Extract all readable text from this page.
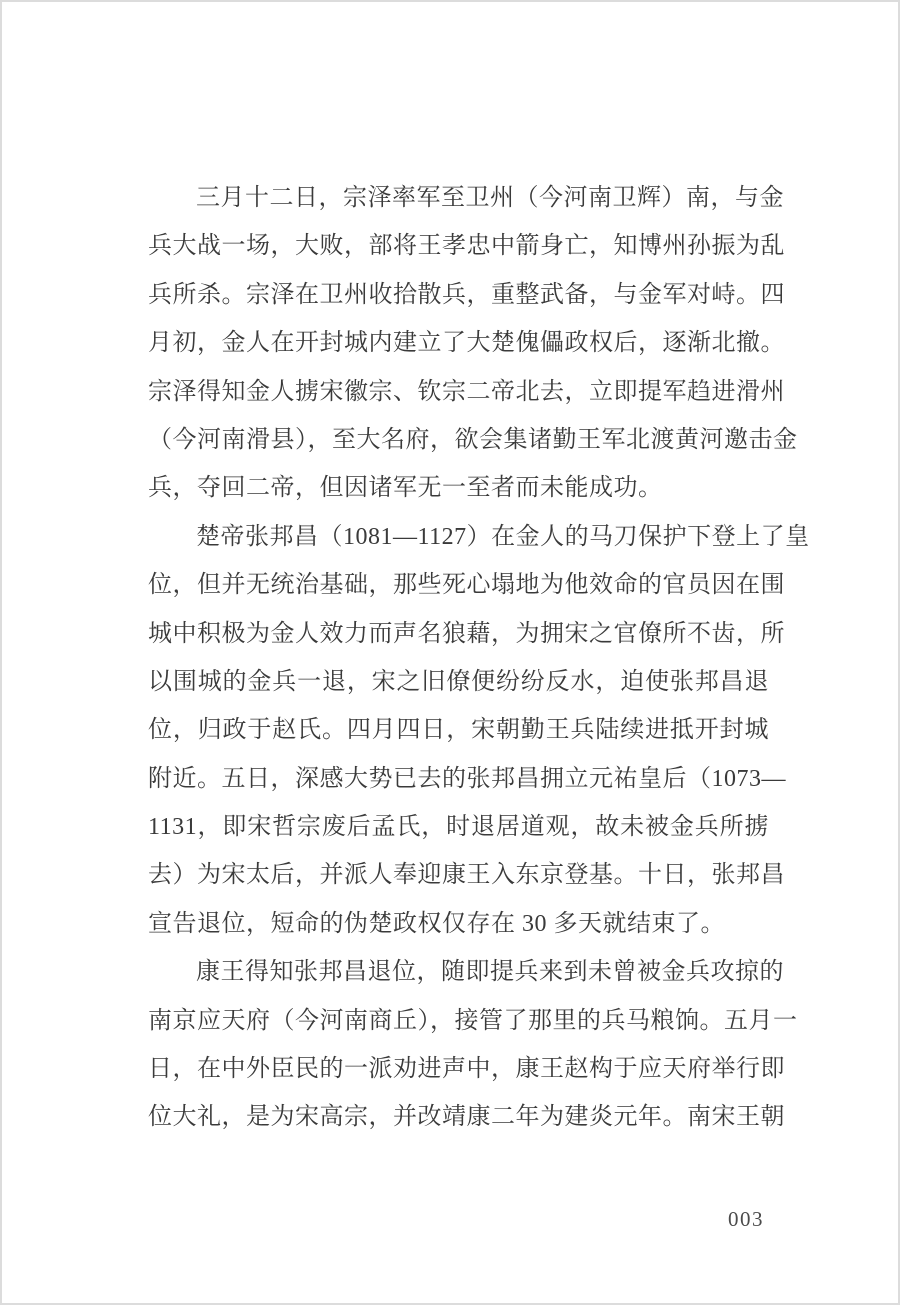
三月十二日，宗泽率军至卫州（今河南卫辉）南，与金
兵大战一场，大败，部将王孝忠中箭身亡，知博州孙振为乱
兵所杀。宗泽在卫州收拾散兵，重整武备，与金军对峙。四
月初，金人在开封城内建立了大楚傀儡政权后，逐渐北撤。
宗泽得知金人掳宋徽宗、钦宗二帝北去，立即提军趋进滑州
（今河南滑县），至大名府，欲会集诸勤王军北渡黄河邀击金
兵，夺回二帝，但因诸军无一至者而未能成功。
楚帝张邦昌（1081—1127）在金人的马刀保护下登上了皇
位，但并无统治基础，那些死心塌地为他效命的官员因在围
城中积极为金人效力而声名狼藉，为拥宋之官僚所不齿，所
以围城的金兵一退，宋之旧僚便纷纷反水，迫使张邦昌退
位，归政于赵氏。四月四日，宋朝勤王兵陆续进抵开封城
附近。五日，深感大势已去的张邦昌拥立元祐皇后（1073—
1131，即宋哲宗废后孟氏，时退居道观，故未被金兵所掳
去）为宋太后，并派人奉迎康王入东京登基。十日，张邦昌
宣告退位，短命的伪楚政权仅存在 30 多天就结束了。
康王得知张邦昌退位，随即提兵来到未曾被金兵攻掠的
南京应天府（今河南商丘），接管了那里的兵马粮饷。五月一
日，在中外臣民的一派劝进声中，康王赵构于应天府举行即
位大礼，是为宋高宗，并改靖康二年为建炎元年。南宋王朝
003
